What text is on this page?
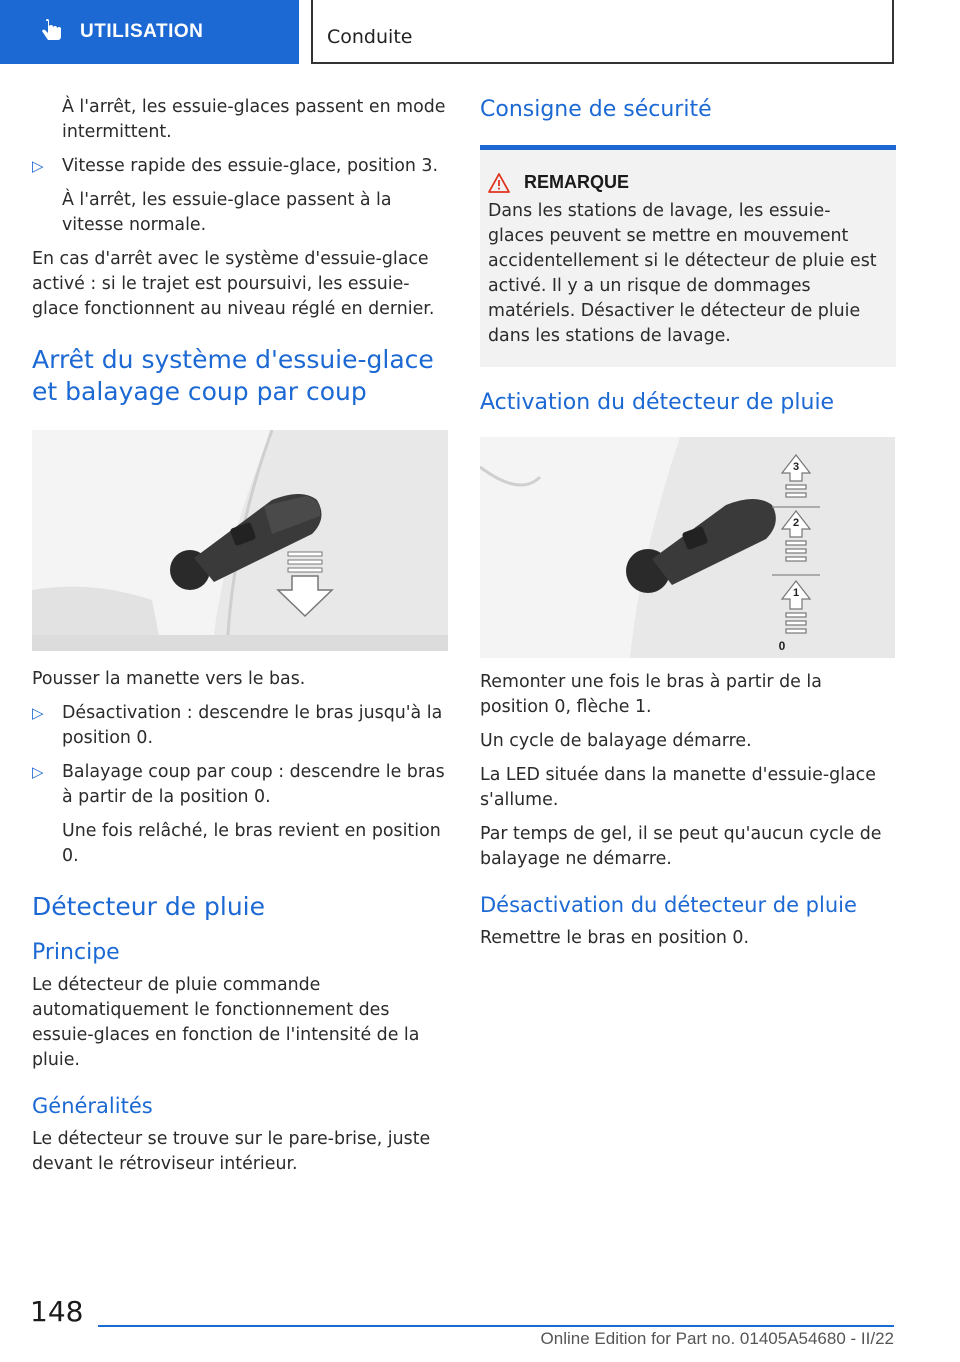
UTILISATION	Conduite

À l'arrêt, les essuie-glaces passent en mode intermittent.

▷ Vitesse rapide des essuie-glace, position 3.

À l'arrêt, les essuie-glace passent à la vitesse normale.

En cas d'arrêt avec le système d'essuie-glace activé : si le trajet est poursuivi, les essuie-glace fonctionnent au niveau réglé en dernier.

Arrêt du système d'essuie-glace et balayage coup par coup

Pousser la manette vers le bas.

▷ Désactivation : descendre le bras jusqu'à la position 0.
▷ Balayage coup par coup : descendre le bras à partir de la position 0.

Une fois relâché, le bras revient en position 0.

Détecteur de pluie
Principe

Le détecteur de pluie commande automatiquement le fonctionnement des essuie-glaces en fonction de l'intensité de la pluie.

Généralités

Le détecteur se trouve sur le pare-brise, juste devant le rétroviseur intérieur.

Consigne de sécurité
REMARQUE
Dans les stations de lavage, les essuie-glaces peuvent se mettre en mouvement accidentellement si le détecteur de pluie est activé. Il y a un risque de dommages matériels. Désactiver le détecteur de pluie dans les stations de lavage.
Activation du détecteur de pluie
3
2
1
0

Remonter une fois le bras à partir de la position 0, flèche 1.

Un cycle de balayage démarre.

La LED située dans la manette d'essuie-glace s'allume.

Par temps de gel, il se peut qu'aucun cycle de balayage ne démarre.

Désactivation du détecteur de pluie

Remettre le bras en position 0.

148
Online Edition for Part no. 01405A54680 - II/22
